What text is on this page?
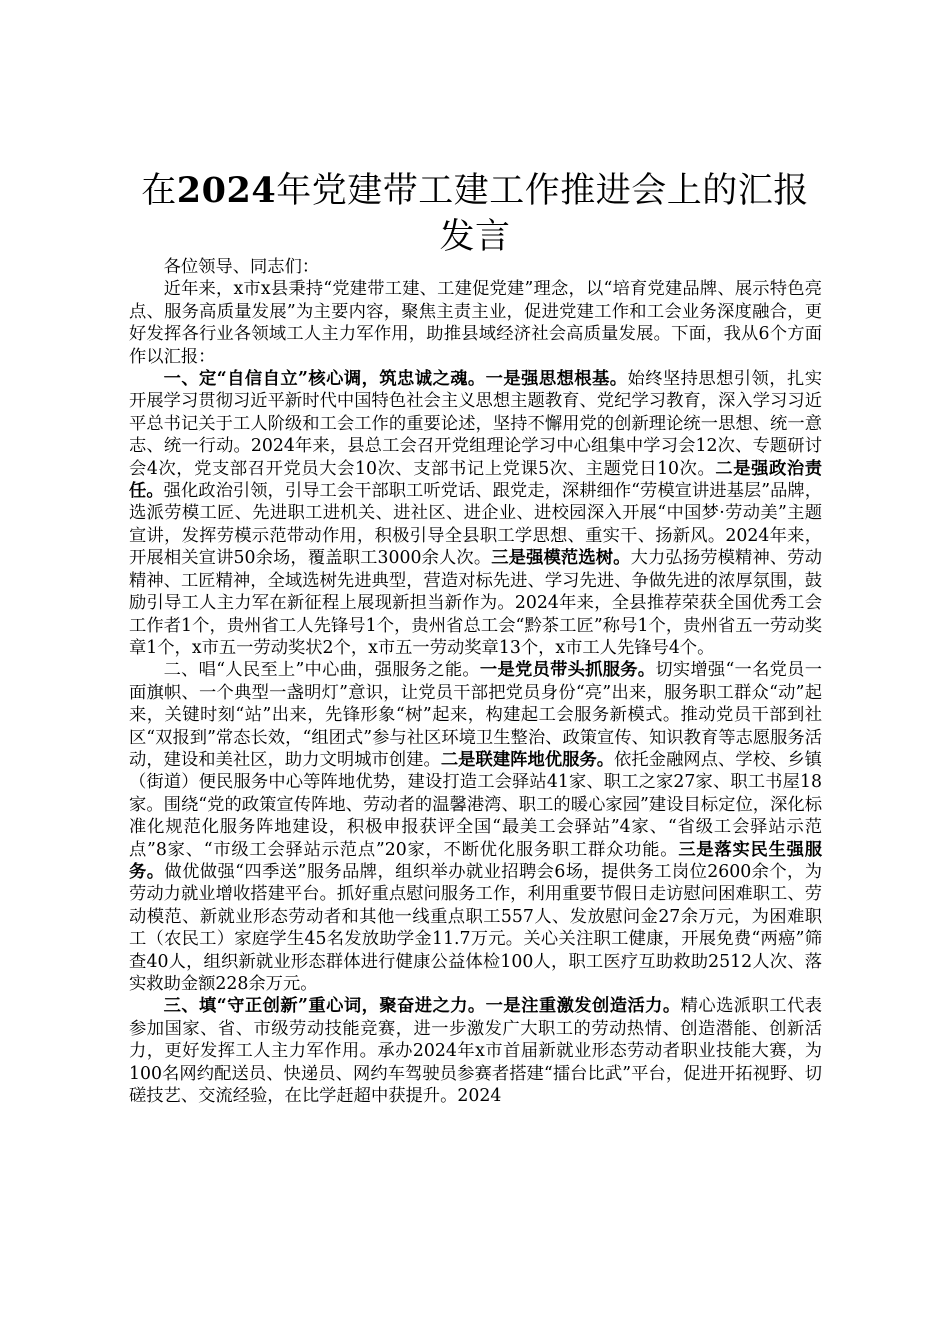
在2024年党建带工建工作推进会上的汇报发言

各位领导、同志们：

近年来，x市x县秉持“党建带工建、工建促党建”理念，以“培育党建品牌、展示特色亮点、服务高质量发展”为主要内容，聚焦主责主业，促进党建工作和工会业务深度融合，更好发挥各行业各领域工人主力军作用，助推县域经济社会高质量发展。下面，我从6个方面作以汇报：

一、定“自信自立”核心调，筑忠诚之魂。一是强思想根基。始终坚持思想引领，扎实开展学习贯彻习近平新时代中国特色社会主义思想主题教育、党纪学习教育，深入学习习近平总书记关于工人阶级和工会工作的重要论述，坚持不懈用党的创新理论统一思想、统一意志、统一行动。2024年来，县总工会召开党组理论学习中心组集中学习会12次、专题研讨会4次，党支部召开党员大会10次、支部书记上党课5次、主题党日10次。二是强政治责任。强化政治引领，引导工会干部职工听党话、跟党走，深耕细作“劳模宣讲进基层”品牌，选派劳模工匠、先进职工进机关、进社区、进企业、进校园深入开展“中国梦·劳动美”主题宣讲，发挥劳模示范带动作用，积极引导全县职工学思想、重实干、扬新风。2024年来，开展相关宣讲50余场，覆盖职工3000余人次。三是强模范选树。大力弘扬劳模精神、劳动精神、工匠精神，全域选树先进典型，营造对标先进、学习先进、争做先进的浓厚氛围，鼓励引导工人主力军在新征程上展现新担当新作为。2024年来，全县推荐荣获全国优秀工会工作者1个，贵州省工人先锋号1个，贵州省总工会“黔茶工匠”称号1个，贵州省五一劳动奖章1个，x市五一劳动奖状2个，x市五一劳动奖章13个，x市工人先锋号4个。

二、唱“人民至上”中心曲，强服务之能。一是党员带头抓服务。切实增强“一名党员一面旗帜、一个典型一盏明灯”意识，让党员干部把党员身份“亮”出来，服务职工群众“动”起来，关键时刻“站”出来，先锋形象“树”起来，构建起工会服务新模式。推动党员干部到社区“双报到”常态长效，“组团式”参与社区环境卫生整治、政策宣传、知识教育等志愿服务活动，建设和美社区，助力文明城市创建。二是联建阵地优服务。依托金融网点、学校、乡镇（街道）便民服务中心等阵地优势，建设打造工会驿站41家、职工之家27家、职工书屋18家。围绕“党的政策宣传阵地、劳动者的温馨港湾、职工的暖心家园”建设目标定位，深化标准化规范化服务阵地建设，积极申报获评全国“最美工会驿站”4家、“省级工会驿站示范点”8家、“市级工会驿站示范点”20家，不断优化服务职工群众功能。三是落实民生强服务。做优做强“四季送”服务品牌，组织举办就业招聘会6场，提供务工岗位2600余个，为劳动力就业增收搭建平台。抓好重点慰问服务工作，利用重要节假日走访慰问困难职工、劳动模范、新就业形态劳动者和其他一线重点职工557人、发放慰问金27余万元，为困难职工（农民工）家庭学生45名发放助学金11.7万元。关心关注职工健康，开展免费“两癌”筛查40人，组织新就业形态群体进行健康公益体检100人，职工医疗互助救助2512人次、落实救助金额228余万元。

三、填“守正创新”重心词，聚奋进之力。一是注重激发创造活力。精心选派职工代表参加国家、省、市级劳动技能竞赛，进一步激发广大职工的劳动热情、创造潜能、创新活力，更好发挥工人主力军作用。承办2024年x市首届新就业形态劳动者职业技能大赛，为100名网约配送员、快递员、网约车驾驶员参赛者搭建“擂台比武”平台，促进开拓视野、切磋技艺、交流经验，在比学赶超中获提升。2024
